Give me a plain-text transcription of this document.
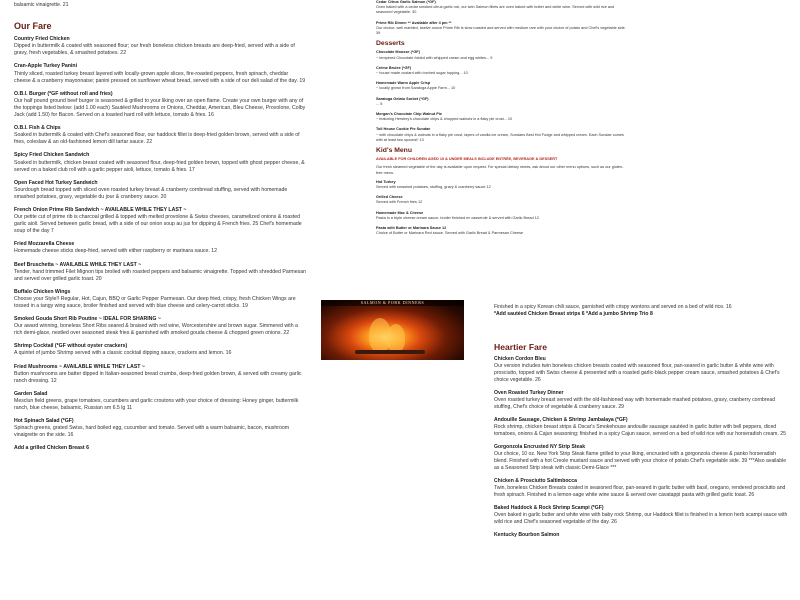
balsamic vinaigrette. 21
Our Fare
Country Fried Chicken
Dipped in buttermilk & coated with seasoned flour; our fresh boneless chicken breasts are deep-fried, served with a side of gravy, fresh vegetables, & smashed potatoes. 22
Cran-Apple Turkey Panini
Thinly sliced, roasted turkey breast layered with locally-grown apple slices, fire-roasted peppers, fresh spinach, cheddar cheese & a cranberry mayonnaise; panini pressed on sunflower wheat bread, served with a side of our deli salad of the day. 19
O.B.I. Burger (*GF without roll and fries)
Our half pound ground beef burger is seasoned & grilled to your liking over an open flame. Create your own burger with any of the toppings listed below: (add 1.00 each) Sautéed Mushrooms or Onions, Cheddar, American, Bleu Cheese, Provolone, Colby Jack (add 1.50) for Bacon. Served on a toasted hard roll with lettuce, tomato & fries. 16
O.B.I. Fish & Chips
Soaked in buttermilk & coated with Chef's seasoned flour, our haddock fillet is deep-fried golden brown, served with a side of fries, coleslaw & an old-fashioned lemon dill tartar sauce. 22
Spicy Fried Chicken Sandwich
Soaked in buttermilk, chicken breast coated with seasoned flour, deep-fried golden brown, topped with ghost pepper cheese, & served on a baked club roll with a garlic pepper aioli, lettuce, tomato & fries. 17
Open Faced Hot Turkey Sandwich
Sourdough bread topped with sliced oven roasted turkey breast & cranberry cornbread stuffing, served with homemade smashed potatoes, gravy, vegetable du jour & cranberry sauce. 20
French Onion Prime Rib Sandwich ~ AVAILABLE WHILE THEY LAST ~
Our petite cut of prime rib is charcoal grilled & topped with melted provolone & Swiss cheeses, caramelized onions & roasted garlic aioli. Served between garlic bread, with a side of our onion soup au jus for dipping & French fries. 25 Chef's homemade soup of the day 7
Fried Mozzarella Cheese
Homemade cheese sticks deep-fried, served with either raspberry or marinara sauce. 12
Beef Bruschetta ~ AVAILABLE WHILE THEY LAST ~
Tender, hand trimmed Filet Mignon tips broiled with roasted peppers and balsamic vinaigrette. Topped with shredded Parmesan and served over grilled garlic toast. 20
Buffalo Chicken Wings
Choose your Style!! Regular, Hot, Cajun, BBQ or Garlic Pepper Parmesan. Our deep fried, crispy, fresh Chicken Wings are tossed in a tangy wing sauce, broiler finished and served with blue cheese and celery-carrot sticks. 19
Smoked Gouda Short Rib Poutine ~ IDEAL FOR SHARING ~
Our award winning, boneless Short Ribs seared & braised with red wine, Worcestershire and brown sugar. Simmered with a rich demi-glace, nestled over seasoned steak fries & garnished with smoked gouda cheese & chopped green onions. 22
Shrimp Cocktail (*GF without oyster crackers)
A quintet of jumbo Shrimp served with a classic cocktail dipping sauce, crackers and lemon. 16
Fried Mushrooms ~ AVAILABLE WHILE THEY LAST ~
Button mushrooms are batter dipped in Italian-seasoned bread crumbs, deep-fried golden brown, & served with creamy garlic ranch dressing. 12
Garden Salad
Mesclun field greens, grape tomatoes, cucumbers and garlic croutons with your choice of dressing: Honey ginger, buttermilk ranch, blue cheese, balsamic, Russian sm 6.5 lg 11
Hot Spinach Salad (*GF)
Spinach greens, grated Swiss, hard boiled egg, cucumber and tomato. Served with a warm balsamic, bacon, mushroom vinaigrette on the side. 16
Add a grilled Chicken Breast 6
Cedar Citrus Garlic Salmon (*GF)
Oven baked with a cedar smoked citrus garlic rub, our twin Salmon fillets are oven baked with butter and white wine. Served with wild rice and seasoned vegetable. 30
Prime Rib Dinner ** Available after 4 pm **
Our choice, well marbled, twelve ounce Prime Rib is slow roasted and served with medium rare with your choice of potato and Chef's vegetable side. 39
Desserts
Chocolate Mousse (*GF)
~ tempered Chocolate folded with whipped cream and egg whites... 9
Crème Brulee (*GF)
~ house made custard with torched sugar topping... 10
Homemade Warm Apple Crisp
~ locally grown from Saratoga Apple Farm... 10
Saratoga Gelato Sorbet (*GF)
... 5
Morgan's Chocolate Chip Walnut Pie
~ featuring Hershey's chocolate chips & chopped walnuts in a flaky pie crust... 10
Toll House Cookie Pie Sundae
~ with chocolate chips & walnuts in a flaky pie crust, layers of vanilla ice cream, Sundaes Best Hot Fudge and whipped cream. Each Sundae comes with at least two spoons!! 13
Kid's Menu
AVAILABLE FOR CHILDREN AGED 10 & UNDER MEALS INCLUDE ENTRÉE, BEVERAGE & DESSERT
Our fresh steamed vegetable of the day is available upon request. For special dietary needs, ask about our other menu options, such as our gluten-free menu.
Hot Turkey
Served with smashed potatoes, stuffing, gravy & cranberry sauce 12
Grilled Cheese
Served with French fries 12
Homemade Mac & Cheese
Pasta in a triple cheese cream sauce, broiler finished en casserole & served with Garlic Bread 12
Pasta with Butter or Marinara Sauce 12
Choice of Butter or Marinara Red sauce. Served with Garlic Bread & Parmesan Cheese
SALMON & PORK DINNERS
Finished in a spicy Korean chili sauce, garnished with crispy wontons and served on a bed of wild rice. 16
*Add sautéed Chicken Breast strips 6 *Add a jumbo Shrimp Trio 8
Heartier Fare
Chicken Cordon Bleu
Our version includes twin boneless chicken breasts coated with seasoned flour, pan-seared in garlic butter & white wine with prosciutto, topped with Swiss cheese & presented with a roasted garlic-black pepper cream sauce, smashed potatoes & Chef's choice vegetable. 26
Oven Roasted Turkey Dinner
Oven roasted turkey breast served with the old-fashioned way with homemade mashed potatoes, gravy, cranberry cornbread stuffing, Chef's choice of vegetable & cranberry sauce. 29
Andouille Sausage, Chicken & Shrimp Jambalaya (*GF)
Rock shrimp, chicken breast strips & Oscar's Smokehouse andouille sausage sautéed in garlic butter with bell peppers, diced tomatoes, onions & Cajun seasoning; finished in a spicy Cajun sauce, served on a bed of wild rice with our horseradish cream. 25
Gorgonzola Encrusted NY Strip Steak
Our choice, 10 oz. New York Strip Steak flame grilled to your liking, encrusted with a gorgonzola cheese & panko horseradish blend. Finished with a hot Creole mustard sauce and served with your choice of potato Chef's vegetable side. 39 ***Also available as a Seasoned Strip steak with classic Demi-Glace ***
Chicken & Prosciutto Saltimbocca
Twin, boneless Chicken Breasts coated in seasoned flour, pan-seared in garlic butter with basil, oregano, rendered prosciutto and fresh spinach. Finished in a lemon-sage white wine sauce & served over cavatappi pasta with grilled garlic toast. 26
Baked Haddock & Rock Shrimp Scampi (*GF)
Oven baked in garlic butter and white wine with baby rock Shrimp, our Haddock fillet is finished in a lemon herb scampi sauce with wild rice and Chef's seasoned vegetable of the day. 26
Kentucky Bourbon Salmon
